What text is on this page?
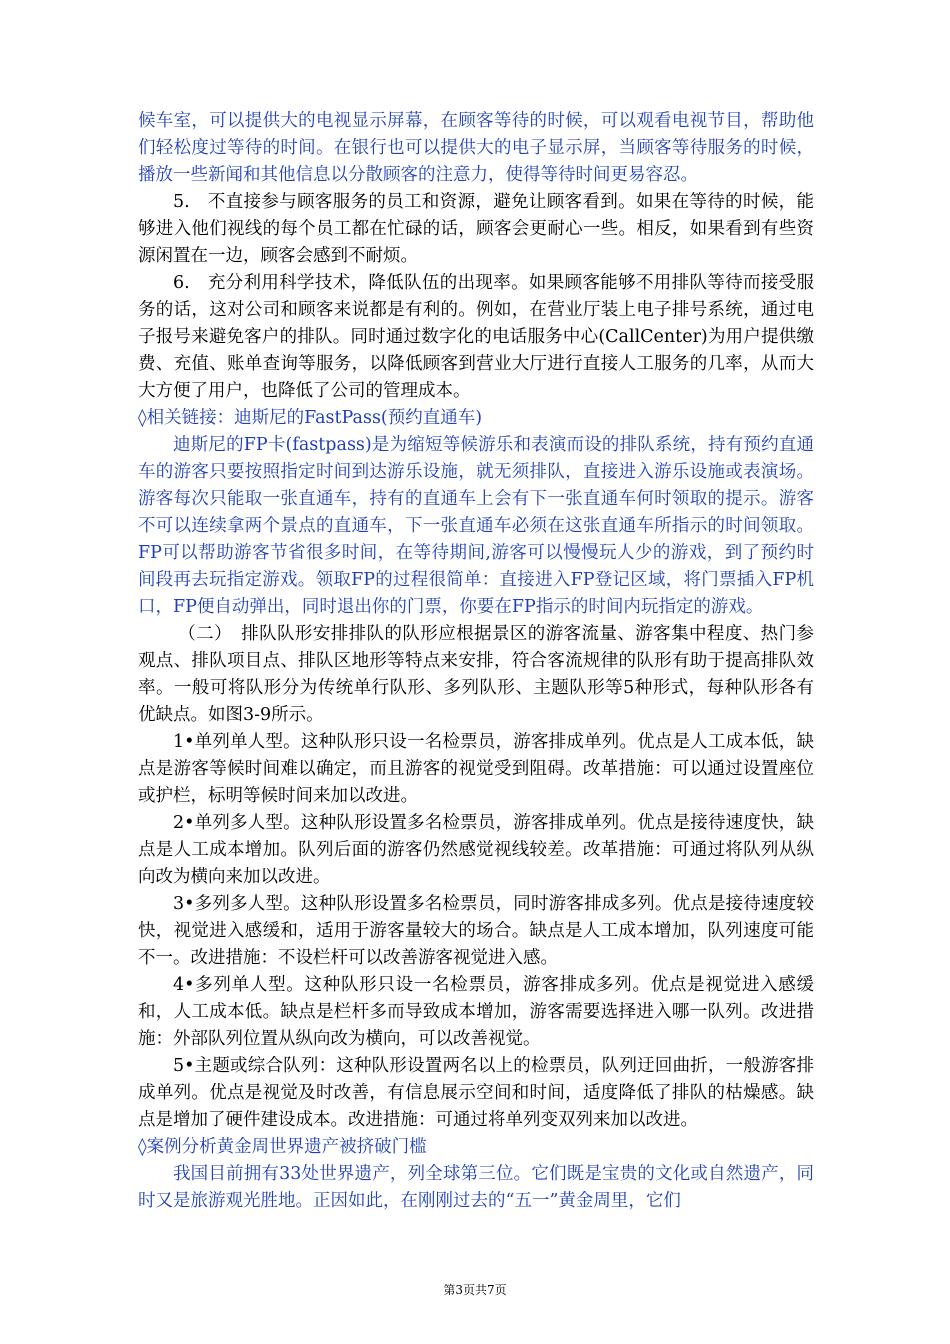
候车室，可以提供大的电视显示屏幕，在顾客等待的时候，可以观看电视节目，帮助他们轻松度过等待的时间。在银行也可以提供大的电子显示屏，当顾客等待服务的时候，播放一些新闻和其他信息以分散顾客的注意力，使得等待时间更易容忍。

5.　不直接参与顾客服务的员工和资源，避免让顾客看到。如果在等待的时候，能够进入他们视线的每个员工都在忙碌的话，顾客会更耐心一些。相反，如果看到有些资源闲置在一边，顾客会感到不耐烦。

6.　充分利用科学技术，降低队伍的出现率。如果顾客能够不用排队等待而接受服务的话，这对公司和顾客来说都是有利的。例如，在营业厅装上电子排号系统，通过电子报号来避免客户的排队。同时通过数字化的电话服务中心(CallCenter)为用户提供缴费、充值、账单查询等服务，以降低顾客到营业大厅进行直接人工服务的几率，从而大大方便了用户，也降低了公司的管理成本。

◊相关链接：迪斯尼的FastPass(预约直通车)

迪斯尼的FP卡(fastpass)是为缩短等候游乐和表演而设的排队系统，持有预约直通车的游客只要按照指定时间到达游乐设施，就无须排队，直接进入游乐设施或表演场。游客每次只能取一张直通车，持有的直通车上会有下一张直通车何时领取的提示。游客不可以连续拿两个景点的直通车，下一张直通车必须在这张直通车所指示的时间领取。FP可以帮助游客节省很多时间，在等待期间,游客可以慢慢玩人少的游戏，到了预约时间段再去玩指定游戏。领取FP的过程很简单：直接进入FP登记区域，将门票插入FP机口，FP便自动弹出，同时退出你的门票，你要在FP指示的时间内玩指定的游戏。

（二）　排队队形安排排队的队形应根据景区的游客流量、游客集中程度、热门参观点、排队项目点、排队区地形等特点来安排，符合客流规律的队形有助于提高排队效率。一般可将队形分为传统单行队形、多列队形、主题队形等5种形式，每种队形各有优缺点。如图3-9所示。

1•单列单人型。这种队形只设一名检票员，游客排成单列。优点是人工成本低，缺点是游客等候时间难以确定，而且游客的视觉受到阻碍。改革措施：可以通过设置座位或护栏，标明等候时间来加以改进。

2•单列多人型。这种队形设置多名检票员，游客排成单列。优点是接待速度快，缺点是人工成本增加。队列后面的游客仍然感觉视线较差。改革措施：可通过将队列从纵向改为横向来加以改进。

3•多列多人型。这种队形设置多名检票员，同时游客排成多列。优点是接待速度较快，视觉进入感缓和，适用于游客量较大的场合。缺点是人工成本增加，队列速度可能不一。改进措施：不设栏杆可以改善游客视觉进入感。

4•多列单人型。这种队形只设一名检票员，游客排成多列。优点是视觉进入感缓和，人工成本低。缺点是栏杆多而导致成本增加，游客需要选择进入哪一队列。改进措施：外部队列位置从纵向改为横向，可以改善视觉。

5•主题或综合队列：这种队形设置两名以上的检票员，队列迂回曲折，一般游客排成单列。优点是视觉及时改善，有信息展示空间和时间，适度降低了排队的枯燥感。缺点是增加了硬件建设成本。改进措施：可通过将单列变双列来加以改进。

◊案例分析黄金周世界遗产被挤破门槛

我国目前拥有33处世界遗产，列全球第三位。它们既是宝贵的文化或自然遗产，同时又是旅游观光胜地。正因如此，在刚刚过去的“五一”黄金周里，它们

第3页共7页
